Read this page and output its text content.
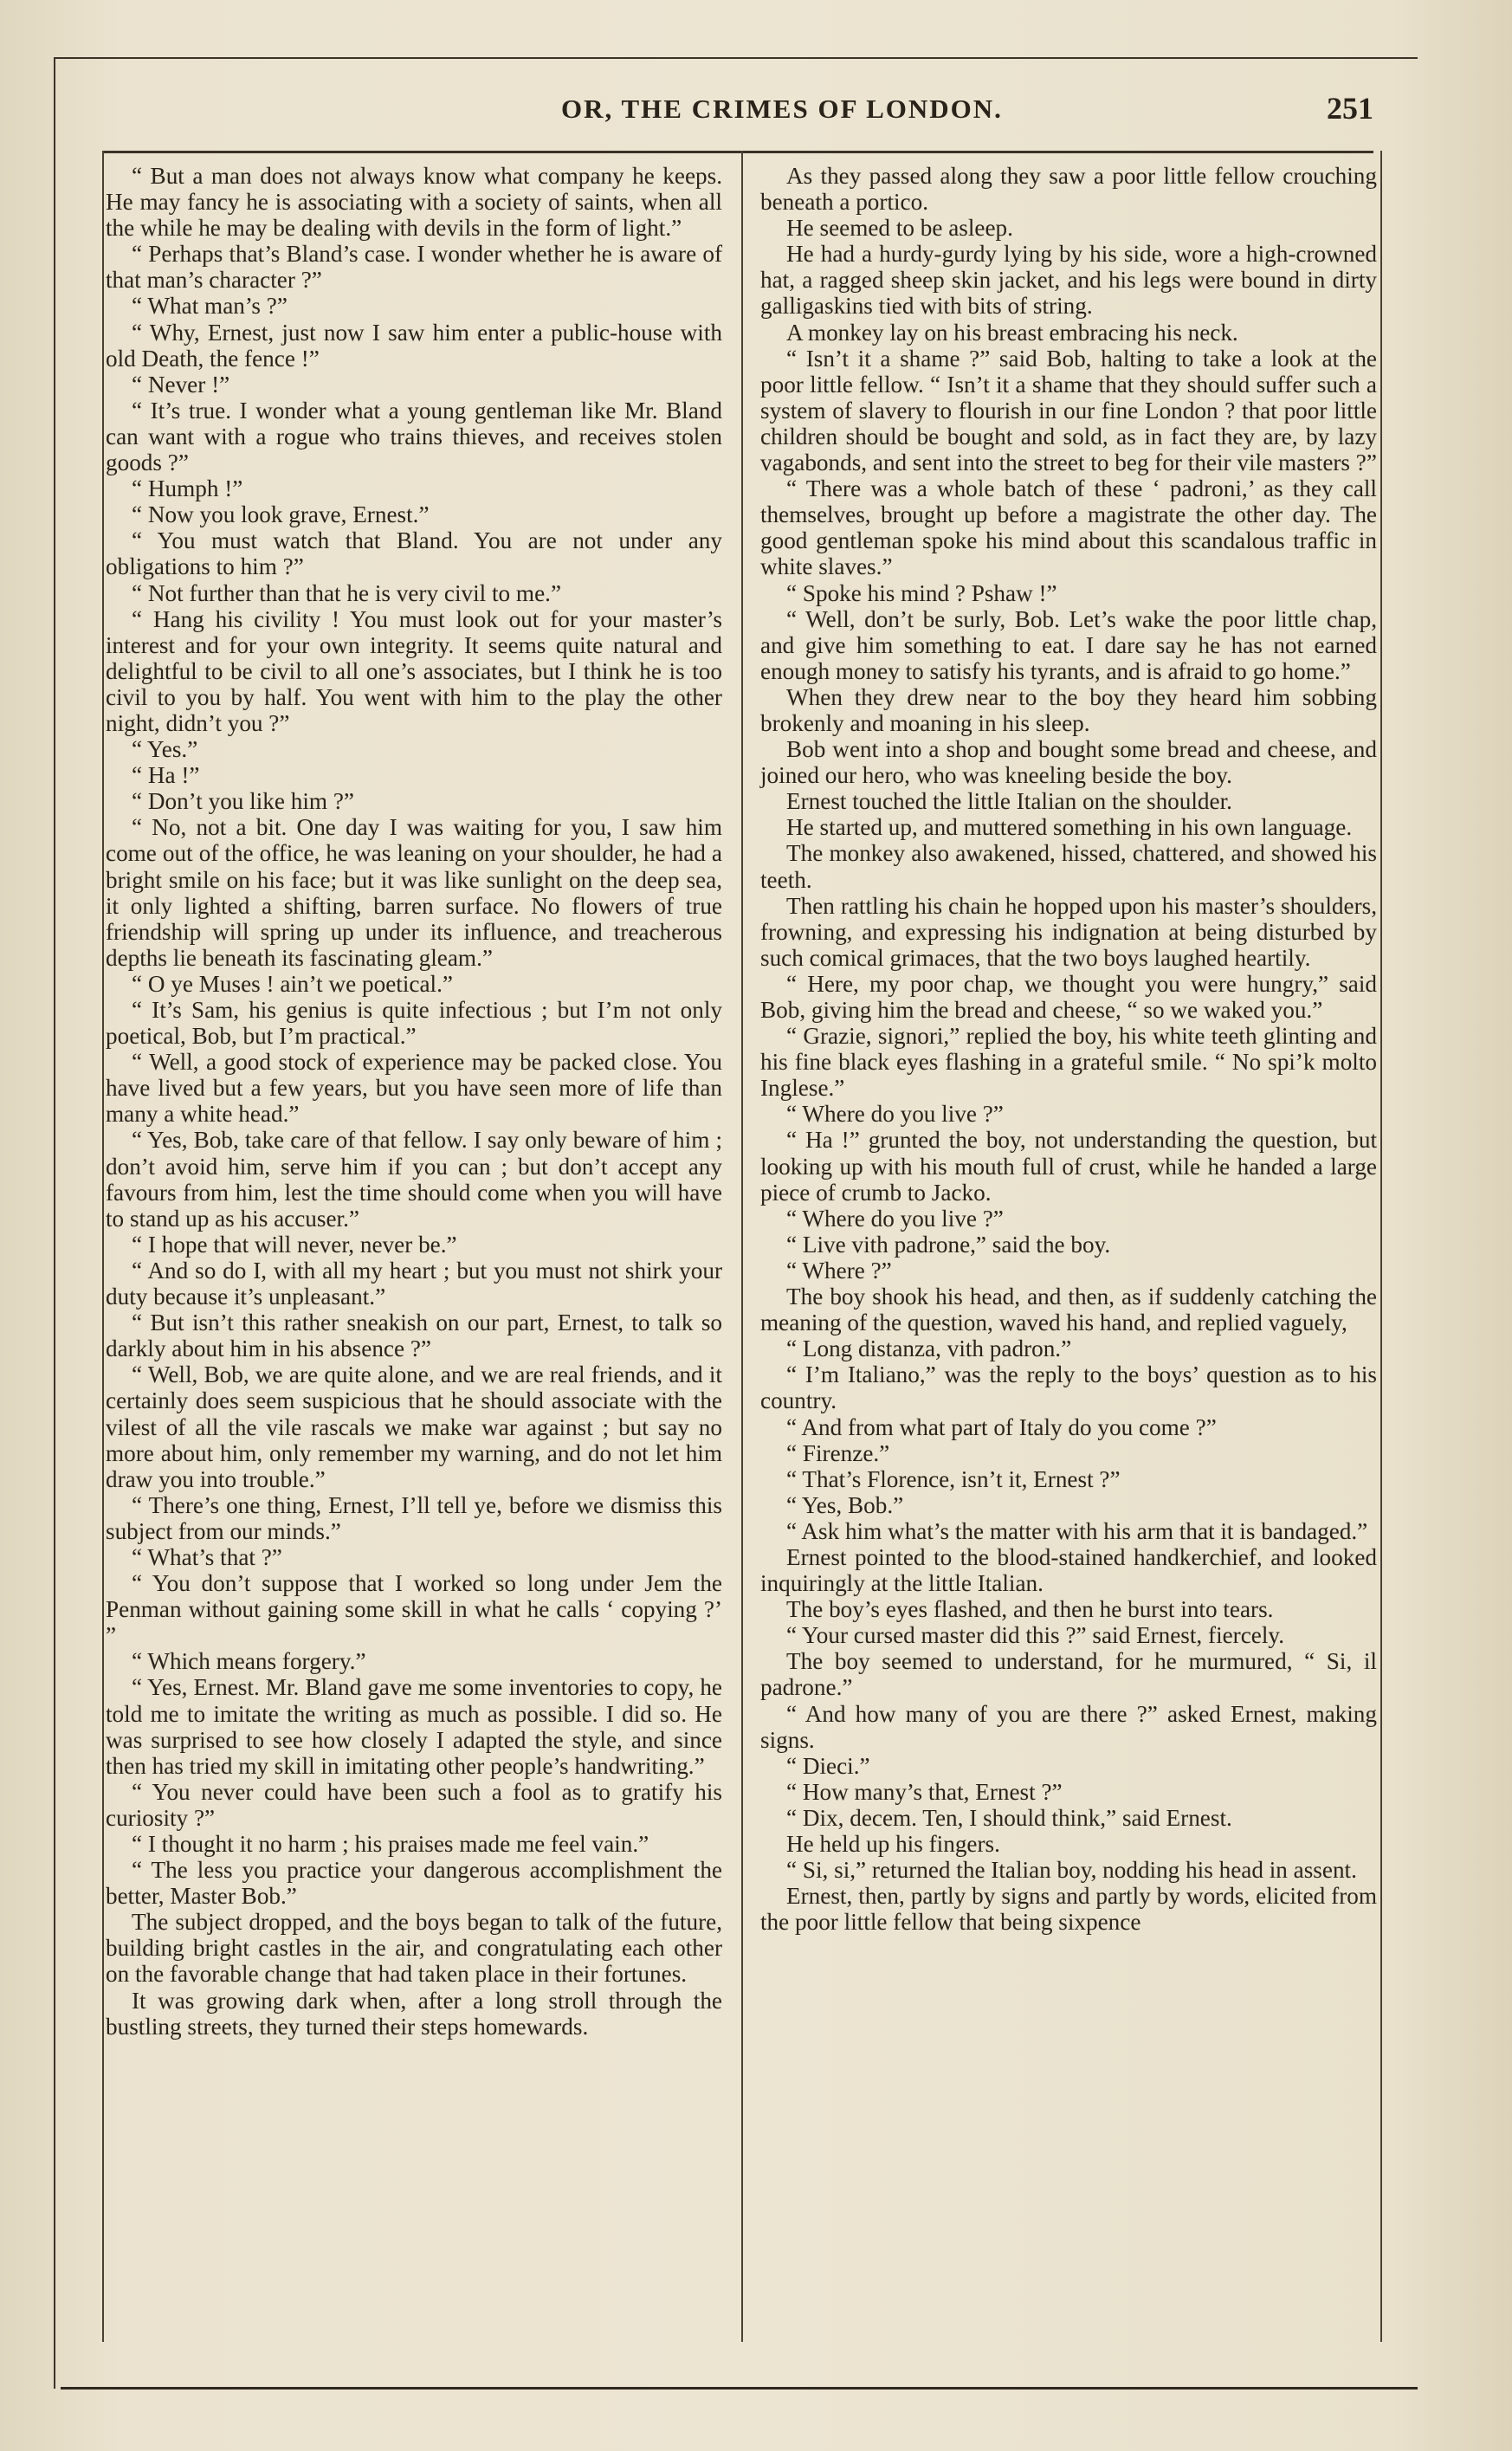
OR, THE CRIMES OF LONDON.	251

“ But a man does not always know what company he keeps. He may fancy he is associating with a society of saints, when all the while he may be dealing with devils in the form of light.”

“ Perhaps that’s Bland’s case. I wonder whether he is aware of that man’s character ?”

“ What man’s ?”

“ Why, Ernest, just now I saw him enter a public-house with old Death, the fence !”

“ Never !”

“ It’s true. I wonder what a young gentleman like Mr. Bland can want with a rogue who trains thieves, and receives stolen goods ?”

“ Humph !”

“ Now you look grave, Ernest.”

“ You must watch that Bland. You are not under any obligations to him ?”

“ Not further than that he is very civil to me.”

“ Hang his civility ! You must look out for your master’s interest and for your own integrity. It seems quite natural and delightful to be civil to all one’s associates, but I think he is too civil to you by half. You went with him to the play the other night, didn’t you ?”

“ Yes.”

“ Ha !”

“ Don’t you like him ?”

“ No, not a bit. One day I was waiting for you, I saw him come out of the office, he was leaning on your shoulder, he had a bright smile on his face; but it was like sunlight on the deep sea, it only lighted a shifting, barren surface. No flowers of true friendship will spring up under its influence, and treacherous depths lie beneath its fascinating gleam.”

“ O ye Muses ! ain’t we poetical.”

“ It’s Sam, his genius is quite infectious ; but I’m not only poetical, Bob, but I’m practical.”

“ Well, a good stock of experience may be packed close. You have lived but a few years, but you have seen more of life than many a white head.”

“ Yes, Bob, take care of that fellow. I say only beware of him ; don’t avoid him, serve him if you can ; but don’t accept any favours from him, lest the time should come when you will have to stand up as his accuser.”

“ I hope that will never, never be.”

“ And so do I, with all my heart ; but you must not shirk your duty because it’s unpleasant.”

“ But isn’t this rather sneakish on our part, Ernest, to talk so darkly about him in his absence ?”

“ Well, Bob, we are quite alone, and we are real friends, and it certainly does seem suspicious that he should associate with the vilest of all the vile rascals we make war against ; but say no more about him, only remember my warning, and do not let him draw you into trouble.”

“ There’s one thing, Ernest, I’ll tell ye, before we dismiss this subject from our minds.”

“ What’s that ?”

“ You don’t suppose that I worked so long under Jem the Penman without gaining some skill in what he calls ‘ copying ?’ ”

“ Which means forgery.”

“ Yes, Ernest. Mr. Bland gave me some inventories to copy, he told me to imitate the writing as much as possible. I did so. He was surprised to see how closely I adapted the style, and since then has tried my skill in imitating other people’s handwriting.”

“ You never could have been such a fool as to gratify his curiosity ?”

“ I thought it no harm ; his praises made me feel vain.”

“ The less you practice your dangerous accomplishment the better, Master Bob.”

The subject dropped, and the boys began to talk of the future, building bright castles in the air, and congratulating each other on the favorable change that had taken place in their fortunes.

It was growing dark when, after a long stroll through the bustling streets, they turned their steps homewards.

As they passed along they saw a poor little fellow crouching beneath a portico.

He seemed to be asleep.

He had a hurdy-gurdy lying by his side, wore a high-crowned hat, a ragged sheep skin jacket, and his legs were bound in dirty galligaskins tied with bits of string.

A monkey lay on his breast embracing his neck.

“ Isn’t it a shame ?” said Bob, halting to take a look at the poor little fellow. “ Isn’t it a shame that they should suffer such a system of slavery to flourish in our fine London ? that poor little children should be bought and sold, as in fact they are, by lazy vagabonds, and sent into the street to beg for their vile masters ?”

“ There was a whole batch of these ‘ padroni,’ as they call themselves, brought up before a magistrate the other day. The good gentleman spoke his mind about this scandalous traffic in white slaves.”

“ Spoke his mind ? Pshaw !”

“ Well, don’t be surly, Bob. Let’s wake the poor little chap, and give him something to eat. I dare say he has not earned enough money to satisfy his tyrants, and is afraid to go home.”

When they drew near to the boy they heard him sobbing brokenly and moaning in his sleep.

Bob went into a shop and bought some bread and cheese, and joined our hero, who was kneeling beside the boy.

Ernest touched the little Italian on the shoulder.

He started up, and muttered something in his own language.

The monkey also awakened, hissed, chattered, and showed his teeth.

Then rattling his chain he hopped upon his master’s shoulders, frowning, and expressing his indignation at being disturbed by such comical grimaces, that the two boys laughed heartily.

“ Here, my poor chap, we thought you were hungry,” said Bob, giving him the bread and cheese, “ so we waked you.”

“ Grazie, signori,” replied the boy, his white teeth glinting and his fine black eyes flashing in a grateful smile. “ No spi’k molto Inglese.”

“ Where do you live ?”

“ Ha !” grunted the boy, not understanding the question, but looking up with his mouth full of crust, while he handed a large piece of crumb to Jacko.

“ Where do you live ?”

“ Live vith padrone,” said the boy.

“ Where ?”

The boy shook his head, and then, as if suddenly catching the meaning of the question, waved his hand, and replied vaguely,

“ Long distanza, vith padron.”

“ I’m Italiano,” was the reply to the boys’ question as to his country.

“ And from what part of Italy do you come ?”

“ Firenze.”

“ That’s Florence, isn’t it, Ernest ?”

“ Yes, Bob.”

“ Ask him what’s the matter with his arm that it is bandaged.”

Ernest pointed to the blood-stained handkerchief, and looked inquiringly at the little Italian.

The boy’s eyes flashed, and then he burst into tears.

“ Your cursed master did this ?” said Ernest, fiercely.

The boy seemed to understand, for he murmured, “ Si, il padrone.”

“ And how many of you are there ?” asked Ernest, making signs.

“ Dieci.”

“ How many’s that, Ernest ?”

“ Dix, decem. Ten, I should think,” said Ernest.

He held up his fingers.

“ Si, si,” returned the Italian boy, nodding his head in assent.

Ernest, then, partly by signs and partly by words, elicited from the poor little fellow that being sixpence
